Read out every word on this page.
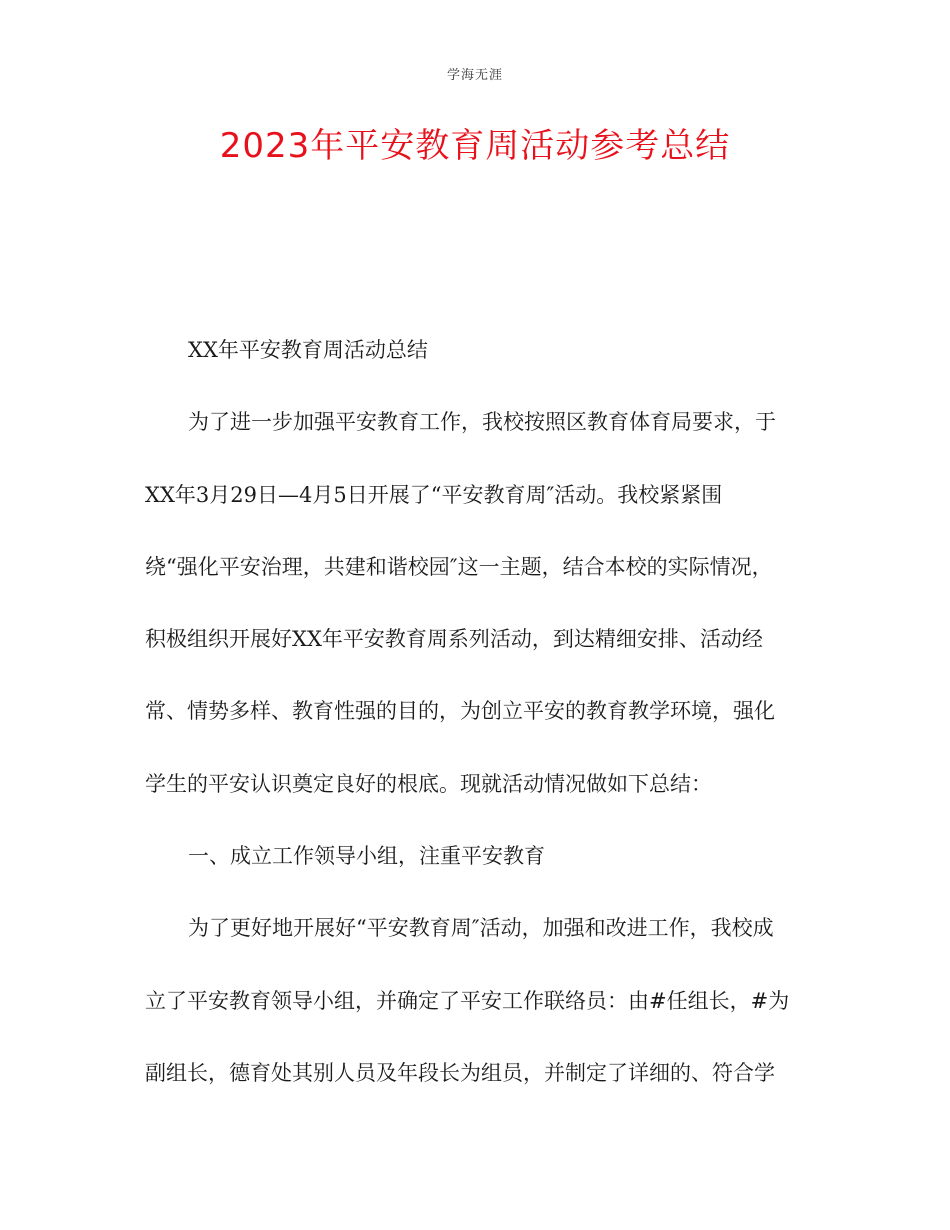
学海无涯
2023年平安教育周活动参考总结
XX年平安教育周活动总结
为了进一步加强平安教育工作，我校按照区教育体育局要求，于
XX年3月29日—4月5日开展了“平安教育周″活动。我校紧紧围
绕“强化平安治理，共建和谐校园″这一主题，结合本校的实际情况，
积极组织开展好XX年平安教育周系列活动，到达精细安排、活动经
常、情势多样、教育性强的目的，为创立平安的教育教学环境，强化
学生的平安认识奠定良好的根底。现就活动情况做如下总结：
一、成立工作领导小组，注重平安教育
为了更好地开展好“平安教育周″活动，加强和改进工作，我校成
立了平安教育领导小组，并确定了平安工作联络员：由#任组长，#为
副组长，德育处其别人员及年段长为组员，并制定了详细的、符合学
